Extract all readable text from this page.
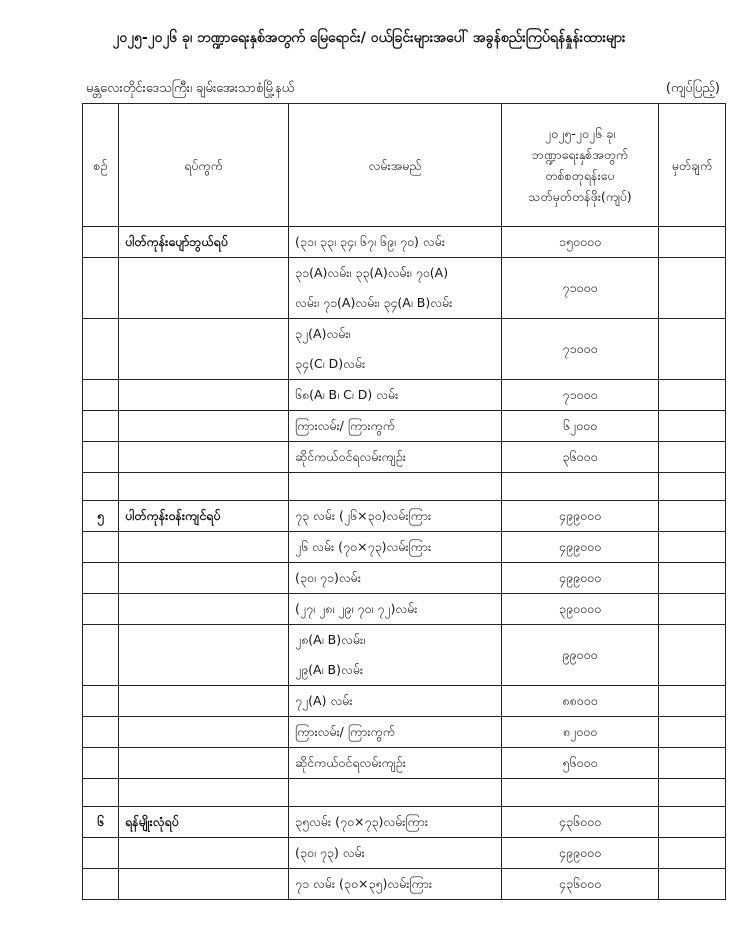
၂၀၂၅-၂၀၂၆ ခု၊ ဘဏ္ဍာရေးနှစ်အတွက် မြေရောင်း/ ဝယ်ခြင်းများအပေါ် အခွန်စည်းကြပ်ရန်နှုန်းထားများ
မန္တလေးတိုင်းဒေသကြီး၊ ချမ်းအေးသာစံမြို့နယ်	(ကျပ်ပြည့်)
စဉ်	ရပ်ကွက်	လမ်းအမည်	၂၀၂၅-၂၀၂၆ ခု၊
ဘဏ္ဍာရေးနှစ်အတွက်
တစ်စတုရန်းပေ
သတ်မှတ်တန်ဖိုး(ကျပ်)	မှတ်ချက်
	ပါတ်ကုန်းပျော်ဘွယ်ရပ်	(၃၁၊ ၃၃၊ ၃၄၊ ၆၇၊ ၆၉၊ ၇၀) လမ်း	၁၅၀၀၀၀	

		၃၁(A)လမ်း၊ ၃၃(A)လမ်း၊ ၇၀(A)
လမ်း၊ ၇၁(A)လမ်း၊ ၃၄(A၊ B)လမ်း	၇၁၀၀၀	

		၃၂(A)လမ်း၊
၃၄(C၊ D)လမ်း	၇၁၀၀၀	

		၆၈(A၊ B၊ C၊ D) လမ်း	၇၁၀၀၀	

		ကြားလမ်း/ ကြားကွက်	၆၂၀၀၀	

		ဆိုင်ကယ်ဝင်ရလမ်းကျဉ်း	၃၆၀၀၀	

၅	ပါတ်ကုန်းဝန်းကျင်ရပ်	၇၃ လမ်း (၂၆×၃၀)လမ်းကြား	၄၉၉၀၀၀	

		၂၆ လမ်း (၇၀×၇၃)လမ်းကြား	၄၉၉၀၀၀	

		(၃၀၊ ၇၁)လမ်း	၄၉၉၀၀၀	

		(၂၇၊ ၂၈၊ ၂၉၊ ၇၀၊ ၇၂)လမ်း	၃၉၀၀၀၀	

		၂၈(A၊ B)လမ်း၊
၂၉(A၊ B)လမ်း	၉၉၀၀၀	

		၇၂(A) လမ်း	၈၈၀၀၀	

		ကြားလမ်း/ ကြားကွက်	၈၂၀၀၀	

		ဆိုင်ကယ်ဝင်ရလမ်းကျဉ်း	၅၆၀၀၀	

၆	ရန်မျိုးလုံရပ်	၃၅လမ်း (၇၀×၇၃)လမ်းကြား	၄၃၆၀၀၀	

		(၃၀၊ ၇၃) လမ်း	၄၉၉၀၀၀	

		၇၁ လမ်း (၃၀×၃၅)လမ်းကြား	၄၃၆၀၀၀	
